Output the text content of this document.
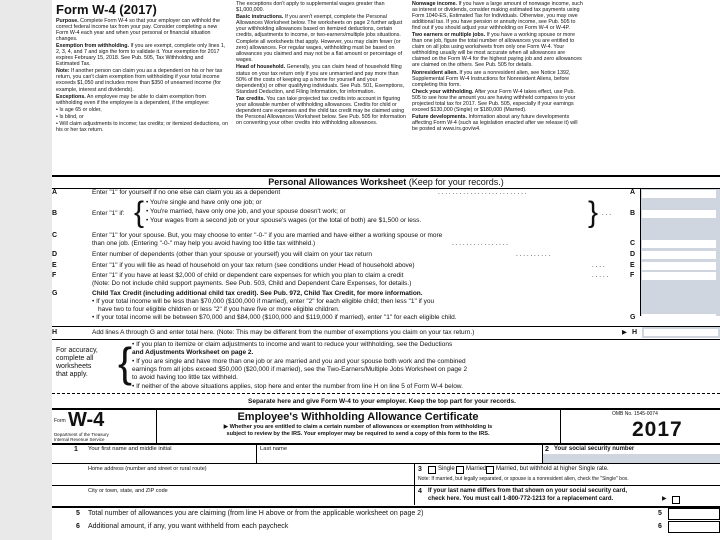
Form W-4 (2017)
Purpose. Complete Form W-4 so that your employer can withhold the correct federal income tax from your pay. Consider completing a new Form W-4 each year and when your personal or financial situation changes.
Exemption from withholding. If you are exempt, complete only lines 1, 2, 3, 4, and 7 and sign the form to validate it. Your exemption for 2017 expires February 15, 2018. See Pub. 505, Tax Withholding and Estimated Tax.
Note: If another person can claim you as a dependent on his or her tax return, you can't claim exemption from withholding if your total income exceeds $1,050 and includes more than $350 of unearned income (for example, interest and dividends).
Exceptions. An employee may be able to claim exemption from withholding even if the employee is a dependent, if the employee:
• Is age 65 or older,
• Is blind, or
• Will claim adjustments to income; tax credits; or itemized deductions, on his or her tax return.
The exceptions don't apply to supplemental wages greater than $1,000,000.
Basic instructions. If you aren't exempt, complete the Personal Allowances Worksheet below. The worksheets on page 2 further adjust your withholding allowances based on itemized deductions, certain credits, adjustments to income, or two-earners/multiple jobs situations.
Complete all worksheets that apply. However, you may claim fewer (or zero) allowances. For regular wages, withholding must be based on allowances you claimed and may not be a flat amount or percentage of wages.
Head of household. Generally, you can claim head of household filing status on your tax return only if you are unmarried and pay more than 50% of the costs of keeping up a home for yourself and your dependent(s) or other qualifying individuals. See Pub. 501, Exemptions, Standard Deduction, and Filing Information, for information.
Tax credits. You can take projected tax credits into account in figuring your allowable number of withholding allowances. Credits for child or dependent care expenses and the child tax credit may be claimed using the Personal Allowances Worksheet below. See Pub. 505 for information on converting your other credits into withholding allowances.
Nonwage income. If you have a large amount of nonwage income, such as interest or dividends, consider making estimated tax payments using Form 1040-ES, Estimated Tax for Individuals. Otherwise, you may owe additional tax. If you have pension or annuity income, see Pub. 505 to find out if you should adjust your withholding on Form W-4 or W-4P.
Two earners or multiple jobs. If you have a working spouse or more than one job, figure the total number of allowances you are entitled to claim on all jobs using worksheets from only one Form W-4. Your withholding usually will be most accurate when all allowances are claimed on the Form W-4 for the highest paying job and zero allowances are claimed on the others. See Pub. 505 for details.
Nonresident alien. If you are a nonresident alien, see Notice 1392, Supplemental Form W-4 Instructions for Nonresident Aliens, before completing this form.
Check your withholding. After your Form W-4 takes effect, use Pub. 505 to see how the amount you are having withheld compares to your projected total tax for 2017. See Pub. 505, especially if your earnings exceed $130,000 (Single) or $180,000 (Married).
Future developments. Information about any future developments affecting Form W-4 (such as legislation enacted after we release it) will be posted at www.irs.gov/w4.
Personal Allowances Worksheet (Keep for your records.)
A	Enter "1" for yourself if no one else can claim you as a dependent	. . . . . . . . . . . . . . . . . . . . . . . . .	A
B	Enter "1" if: { • You're single and have only one job; or
• You're married, have only one job, and your spouse doesn't work; or
• Your wages from a second job or your spouse's wages (or the total of both) are $1,500 or less.	} . . .	B
C	Enter "1" for your spouse. But, you may choose to enter "-0-" if you are married and have either a working spouse or more
than one job. (Entering "-0-" may help you avoid having too little tax withheld.)	. . . . . . . . . . . . . . . .	C
D	Enter number of dependents (other than your spouse or yourself) you will claim on your tax return	. . . . . . . . . .	D
E	Enter "1" if you will file as head of household on your tax return (see conditions under Head of household above)	. . . .	E
F	Enter "1" if you have at least $2,000 of child or dependent care expenses for which you plan to claim a credit
(Note: Do not include child support payments. See Pub. 503, Child and Dependent Care Expenses, for details.)
. . . . .	F
G	Child Tax Credit (including additional child tax credit). See Pub. 972, Child Tax Credit, for more information.
• If your total income will be less than $70,000 ($100,000 if married), enter "2" for each eligible child; then less "1" if you
have two to four eligible children or less "2" if you have five or more eligible children.
• If your total income will be between $70,000 and $84,000 ($100,000 and $119,000 if married), enter "1" for each eligible child.	G
H	Add lines A through G and enter total here. (Note: This may be different from the number of exemptions you claim on your tax return.)	▶ H
For accuracy,
complete all
worksheets
that apply. { • If you plan to itemize or claim adjustments to income and want to reduce your withholding, see the Deductions
and Adjustments Worksheet on page 2.
• If you are single and have more than one job or are married and you and your spouse both work and the combined
earnings from all jobs exceed $50,000 ($20,000 if married), see the Two-Earners/Multiple Jobs Worksheet on page 2
to avoid having too little tax withheld.
• If neither of the above situations applies, stop here and enter the number from line H on line 5 of Form W-4 below.
Separate here and give Form W-4 to your employer. Keep the top part for your records.
Form W-4
Department of the Treasury
Internal Revenue Service
Employee's Withholding Allowance Certificate
▶ Whether you are entitled to claim a certain number of allowances or exemption from withholding is
subject to review by the IRS. Your employer may be required to send a copy of this form to the IRS.
OMB No. 1545-0074
2017
1 Your first name and middle initial	Last name	2 Your social security number
Home address (number and street or rural route)	3	Single Married Married, but withhold at higher Single rate.
Note: If married, but legally separated, or spouse is a nonresident alien, check the "Single" box.
City or town, state, and ZIP code	4 If your last name differs from that shown on your social security card,
check here. You must call 1-800-772-1213 for a replacement card.	▶
5 Total number of allowances you are claiming (from line H above or from the applicable worksheet on page 2)	5
6 Additional amount, if any, you want withheld from each paycheck	6
